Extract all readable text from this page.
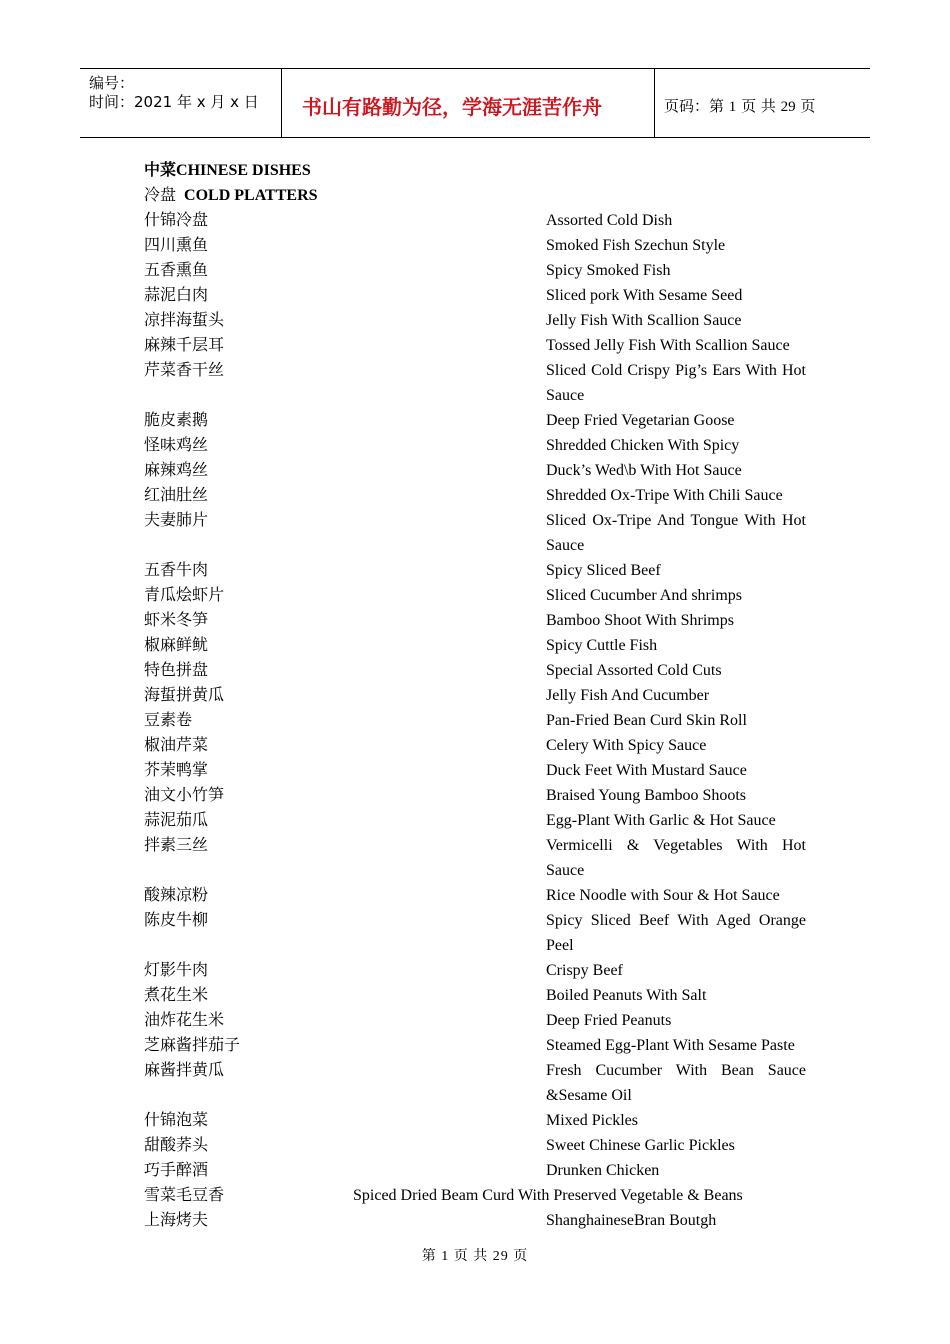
编号：
时间：2021 年 x 月 x 日 书山有路勤为径，学海无涯苦作舟	页码：第 1 页 共 29 页
中菜CHINESE DISHES
冷盘 COLD PLATTERS
什锦冷盘	Assorted Cold Dish
四川熏鱼	Smoked Fish Szechun Style
五香熏鱼	Spicy Smoked Fish
蒜泥白肉	Sliced pork With Sesame Seed
凉拌海蜇头	Jelly Fish With Scallion Sauce
麻辣千层耳	Tossed Jelly Fish With Scallion Sauce
芹菜香干丝	Sliced Cold Crispy Pig’s Ears With Hot Sauce
脆皮素鹅	Deep Fried Vegetarian Goose
怪味鸡丝	Shredded Chicken With Spicy
麻辣鸡丝	Duck’s Wed\b With Hot Sauce
红油肚丝	Shredded Ox-Tripe With Chili Sauce
夫妻肺片	Sliced Ox-Tripe And Tongue With Hot Sauce
五香牛肉	Spicy Sliced Beef
青瓜烩虾片	Sliced Cucumber And shrimps
虾米冬笋	Bamboo Shoot With Shrimps
椒麻鲜鱿	Spicy Cuttle Fish
特色拼盘	Special Assorted Cold Cuts
海蜇拼黄瓜	Jelly Fish And Cucumber
豆素卷	Pan-Fried Bean Curd Skin Roll
椒油芹菜	Celery With Spicy Sauce
芥茉鸭掌	Duck Feet With Mustard Sauce
油文小竹笋	Braised Young Bamboo Shoots
蒜泥茄瓜	Egg-Plant With Garlic & Hot Sauce
拌素三丝	Vermicelli & Vegetables With Hot Sauce
酸辣凉粉	Rice Noodle with Sour & Hot Sauce
陈皮牛柳	Spicy Sliced Beef With Aged Orange Peel
灯影牛肉	Crispy Beef
煮花生米	Boiled Peanuts With Salt
油炸花生米	Deep Fried Peanuts
芝麻酱拌茄子	Steamed Egg-Plant With Sesame Paste
麻酱拌黄瓜	Fresh Cucumber With Bean Sauce &Sesame Oil
什锦泡菜	Mixed Pickles
甜酸荞头	Sweet Chinese Garlic Pickles
巧手醉酒	Drunken Chicken
雪菜毛豆香	Spiced Dried Beam Curd With Preserved Vegetable & Beans
上海烤夫	ShanghaineseBran Boutgh
第 1 页 共 29 页
